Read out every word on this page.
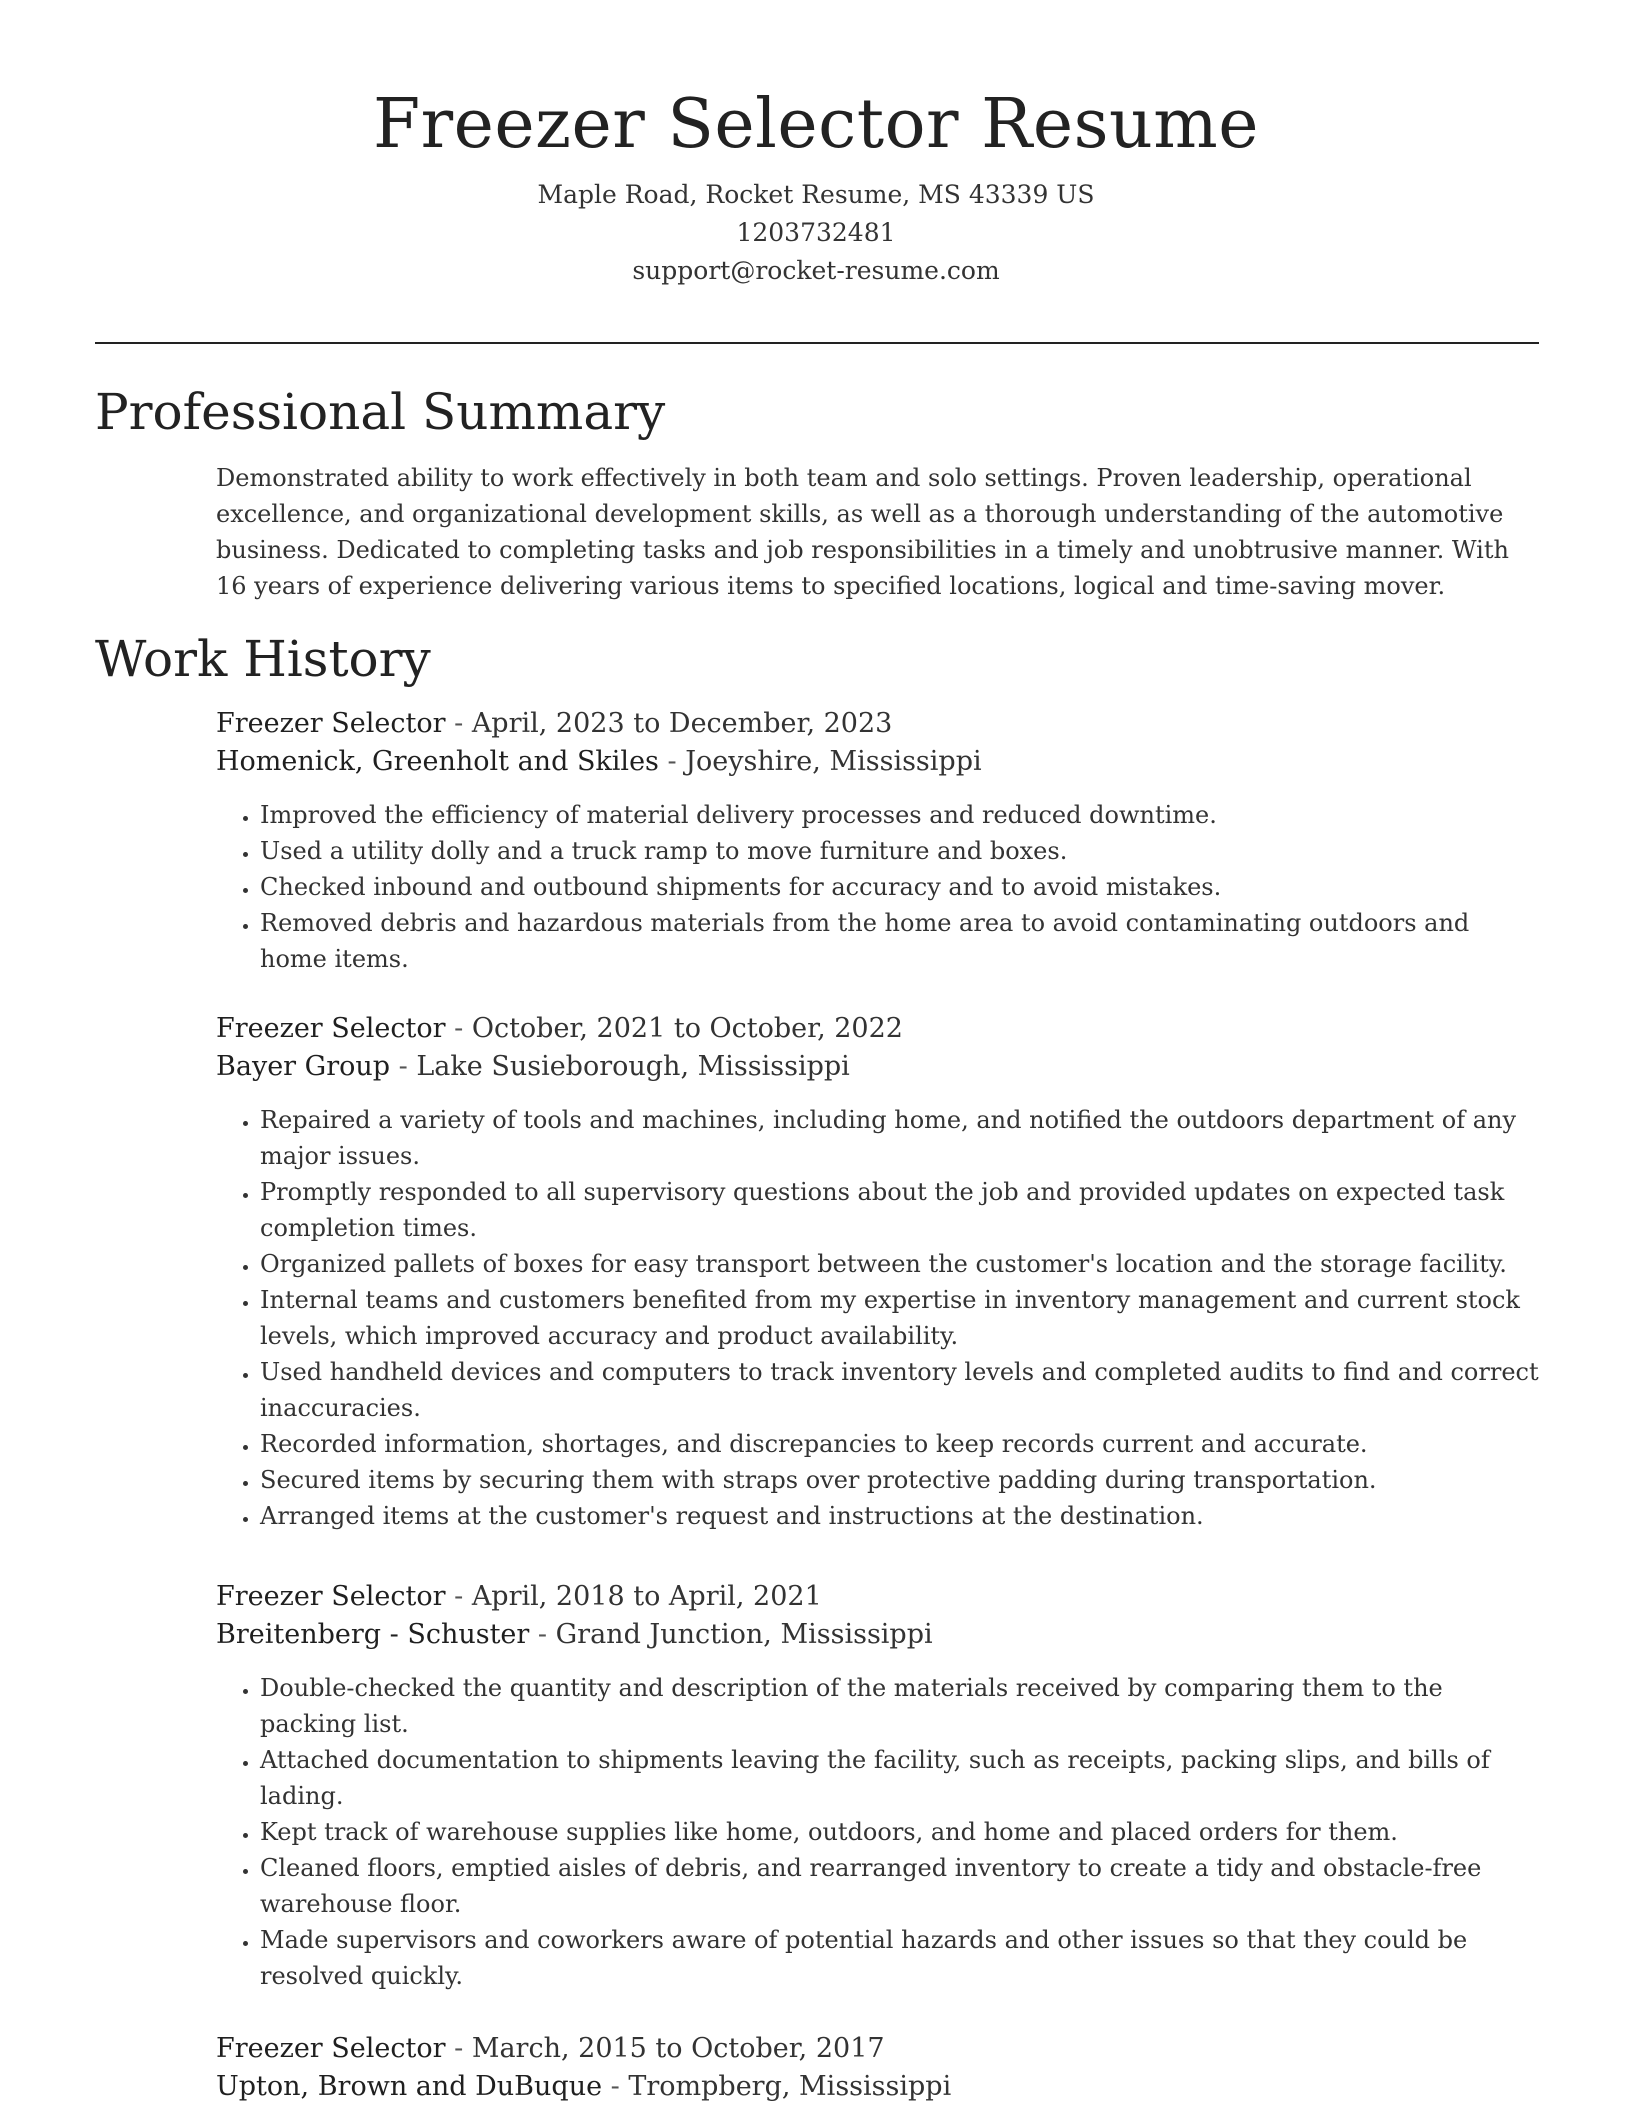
Freezer Selector Resume
Maple Road, Rocket Resume, MS 43339 US
1203732481
support@rocket-resume.com
Professional Summary

Demonstrated ability to work effectively in both team and solo settings. Proven leadership, operational excellence, and organizational development skills, as well as a thorough understanding of the automotive business. Dedicated to completing tasks and job responsibilities in a timely and unobtrusive manner. With 16 years of experience delivering various items to specified locations, logical and time-saving mover.

Work History
Freezer Selector - April, 2023 to December, 2023
Homenick, Greenholt and Skiles - Joeyshire, Mississippi
• Improved the efficiency of material delivery processes and reduced downtime.
• Used a utility dolly and a truck ramp to move furniture and boxes.
• Checked inbound and outbound shipments for accuracy and to avoid mistakes.
• Removed debris and hazardous materials from the home area to avoid contaminating outdoors and home items.
Freezer Selector - October, 2021 to October, 2022
Bayer Group - Lake Susieborough, Mississippi
• Repaired a variety of tools and machines, including home, and notified the outdoors department of any major issues.
• Promptly responded to all supervisory questions about the job and provided updates on expected task completion times.
• Organized pallets of boxes for easy transport between the customer's location and the storage facility.
• Internal teams and customers benefited from my expertise in inventory management and current stock levels, which improved accuracy and product availability.
• Used handheld devices and computers to track inventory levels and completed audits to find and correct inaccuracies.
• Recorded information, shortages, and discrepancies to keep records current and accurate.
• Secured items by securing them with straps over protective padding during transportation.
• Arranged items at the customer's request and instructions at the destination.
Freezer Selector - April, 2018 to April, 2021
Breitenberg - Schuster - Grand Junction, Mississippi
• Double-checked the quantity and description of the materials received by comparing them to the packing list.
• Attached documentation to shipments leaving the facility, such as receipts, packing slips, and bills of lading.
• Kept track of warehouse supplies like home, outdoors, and home and placed orders for them.
• Cleaned floors, emptied aisles of debris, and rearranged inventory to create a tidy and obstacle-free warehouse floor.
• Made supervisors and coworkers aware of potential hazards and other issues so that they could be resolved quickly.
Freezer Selector - March, 2015 to October, 2017
Upton, Brown and DuBuque - Trompberg, Mississippi
